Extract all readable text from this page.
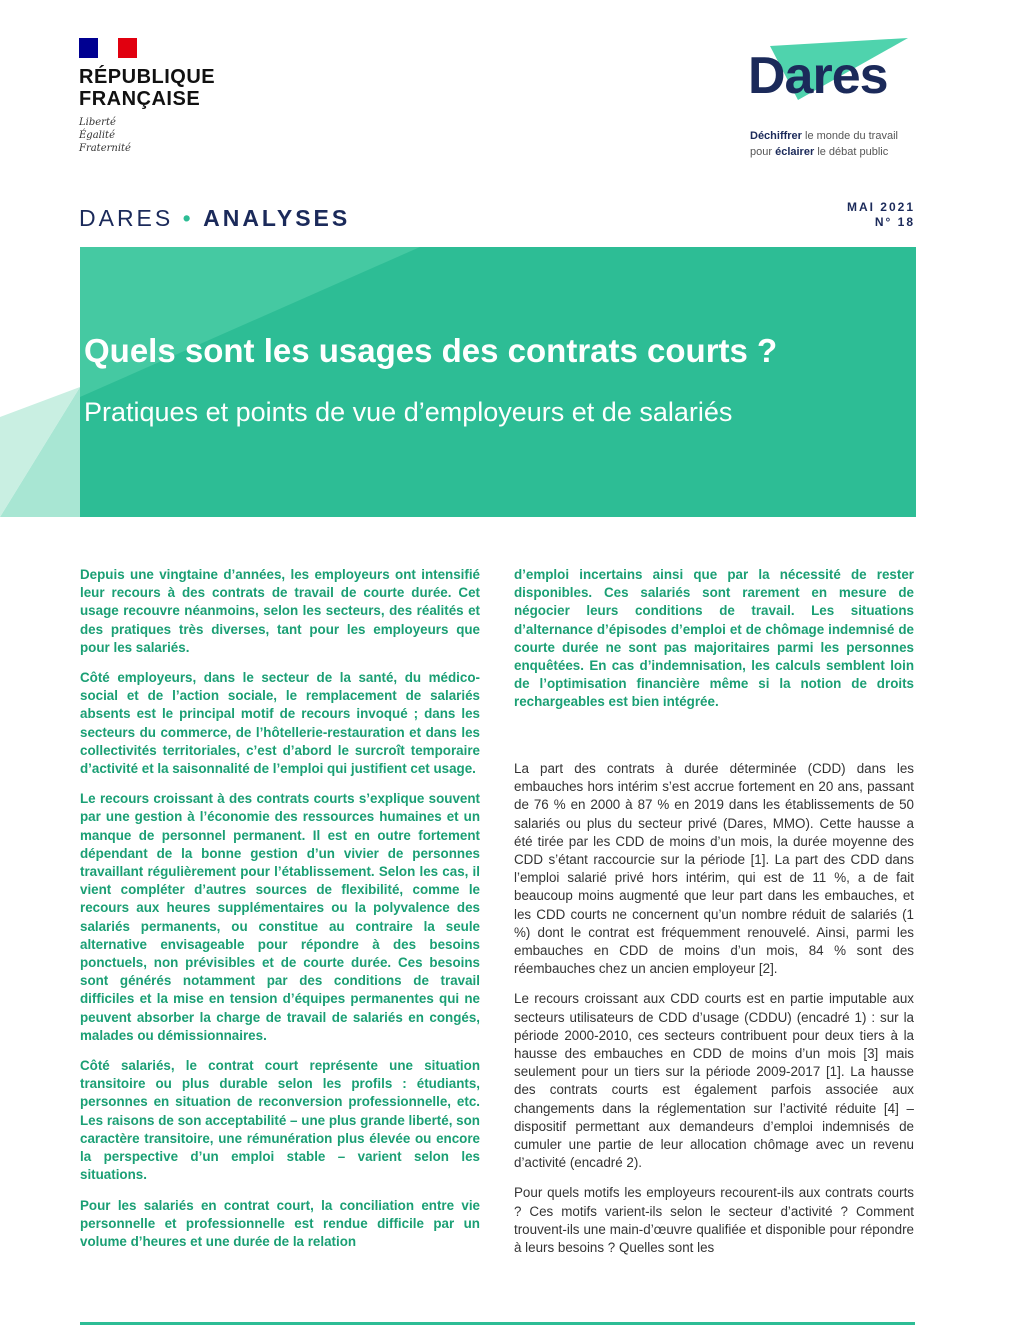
RÉPUBLIQUE
FRANÇAISE
Liberté
Égalité
Fraternité
Dares
Déchiffrer le monde du travail
pour éclairer le débat public
DARES • ANALYSES	MAI 2021
N° 18
Quels sont les usages des contrats courts ?
Pratiques et points de vue d’employeurs et de salariés

Depuis une vingtaine d’années, les employeurs ont intensifié leur recours à des contrats de travail de courte durée. Cet usage recouvre néanmoins, selon les secteurs, des réalités et des pratiques très diverses, tant pour les employeurs que pour les salariés.

Côté employeurs, dans le secteur de la santé, du médico-social et de l’action sociale, le remplacement de salariés absents est le principal motif de recours invoqué ; dans les secteurs du commerce, de l’hôtellerie-restauration et dans les collectivités territoriales, c’est d’abord le surcroît temporaire d’activité et la saisonnalité de l’emploi qui justifient cet usage.

Le recours croissant à des contrats courts s’explique souvent par une gestion à l’économie des ressources humaines et un manque de personnel permanent. Il est en outre fortement dépendant de la bonne gestion d’un vivier de personnes travaillant régulièrement pour l’établissement. Selon les cas, il vient compléter d’autres sources de flexibilité, comme le recours aux heures supplémentaires ou la polyvalence des salariés permanents, ou constitue au contraire la seule alternative envisageable pour répondre à des besoins ponctuels, non prévisibles et de courte durée. Ces besoins sont générés notamment par des conditions de travail difficiles et la mise en tension d’équipes permanentes qui ne peuvent absorber la charge de travail de salariés en congés, malades ou démissionnaires.

Côté salariés, le contrat court représente une situation transitoire ou plus durable selon les profils : étudiants, personnes en situation de reconversion professionnelle, etc. Les raisons de son acceptabilité – une plus grande liberté, son caractère transitoire, une rémunération plus élevée ou encore la perspective d’un emploi stable – varient selon les situations.

Pour les salariés en contrat court, la conciliation entre vie personnelle et professionnelle est rendue difficile par un volume d’heures et une durée de la relation

d’emploi incertains ainsi que par la nécessité de rester disponibles. Ces salariés sont rarement en mesure de négocier leurs conditions de travail. Les situations d’alternance d’épisodes d’emploi et de chômage indemnisé de courte durée ne sont pas majoritaires parmi les personnes enquêtées. En cas d’indemnisation, les calculs semblent loin de l’optimisation financière même si la notion de droits rechargeables est bien intégrée.

La part des contrats à durée déterminée (CDD) dans les embauches hors intérim s’est accrue fortement en 20 ans, passant de 76 % en 2000 à 87 % en 2019 dans les établissements de 50 salariés ou plus du secteur privé (Dares, MMO). Cette hausse a été tirée par les CDD de moins d’un mois, la durée moyenne des CDD s’étant raccourcie sur la période [1]. La part des CDD dans l’emploi salarié privé hors intérim, qui est de 11 %, a de fait beaucoup moins augmenté que leur part dans les embauches, et les CDD courts ne concernent qu’un nombre réduit de salariés (1 %) dont le contrat est fréquemment renouvelé. Ainsi, parmi les embauches en CDD de moins d’un mois, 84 % sont des réembauches chez un ancien employeur [2].

Le recours croissant aux CDD courts est en partie imputable aux secteurs utilisateurs de CDD d’usage (CDDU) (encadré 1) : sur la période 2000-2010, ces secteurs contribuent pour deux tiers à la hausse des embauches en CDD de moins d’un mois [3] mais seulement pour un tiers sur la période 2009-2017 [1]. La hausse des contrats courts est également parfois associée aux changements dans la réglementation sur l’activité réduite [4] – dispositif permettant aux demandeurs d’emploi indemnisés de cumuler une partie de leur allocation chômage avec un revenu d’activité (encadré 2).

Pour quels motifs les employeurs recourent-ils aux contrats courts ? Ces motifs varient-ils selon le secteur d’activité ? Comment trouvent-ils une main-d’œuvre qualifiée et disponible pour répondre à leurs besoins ? Quelles sont les
